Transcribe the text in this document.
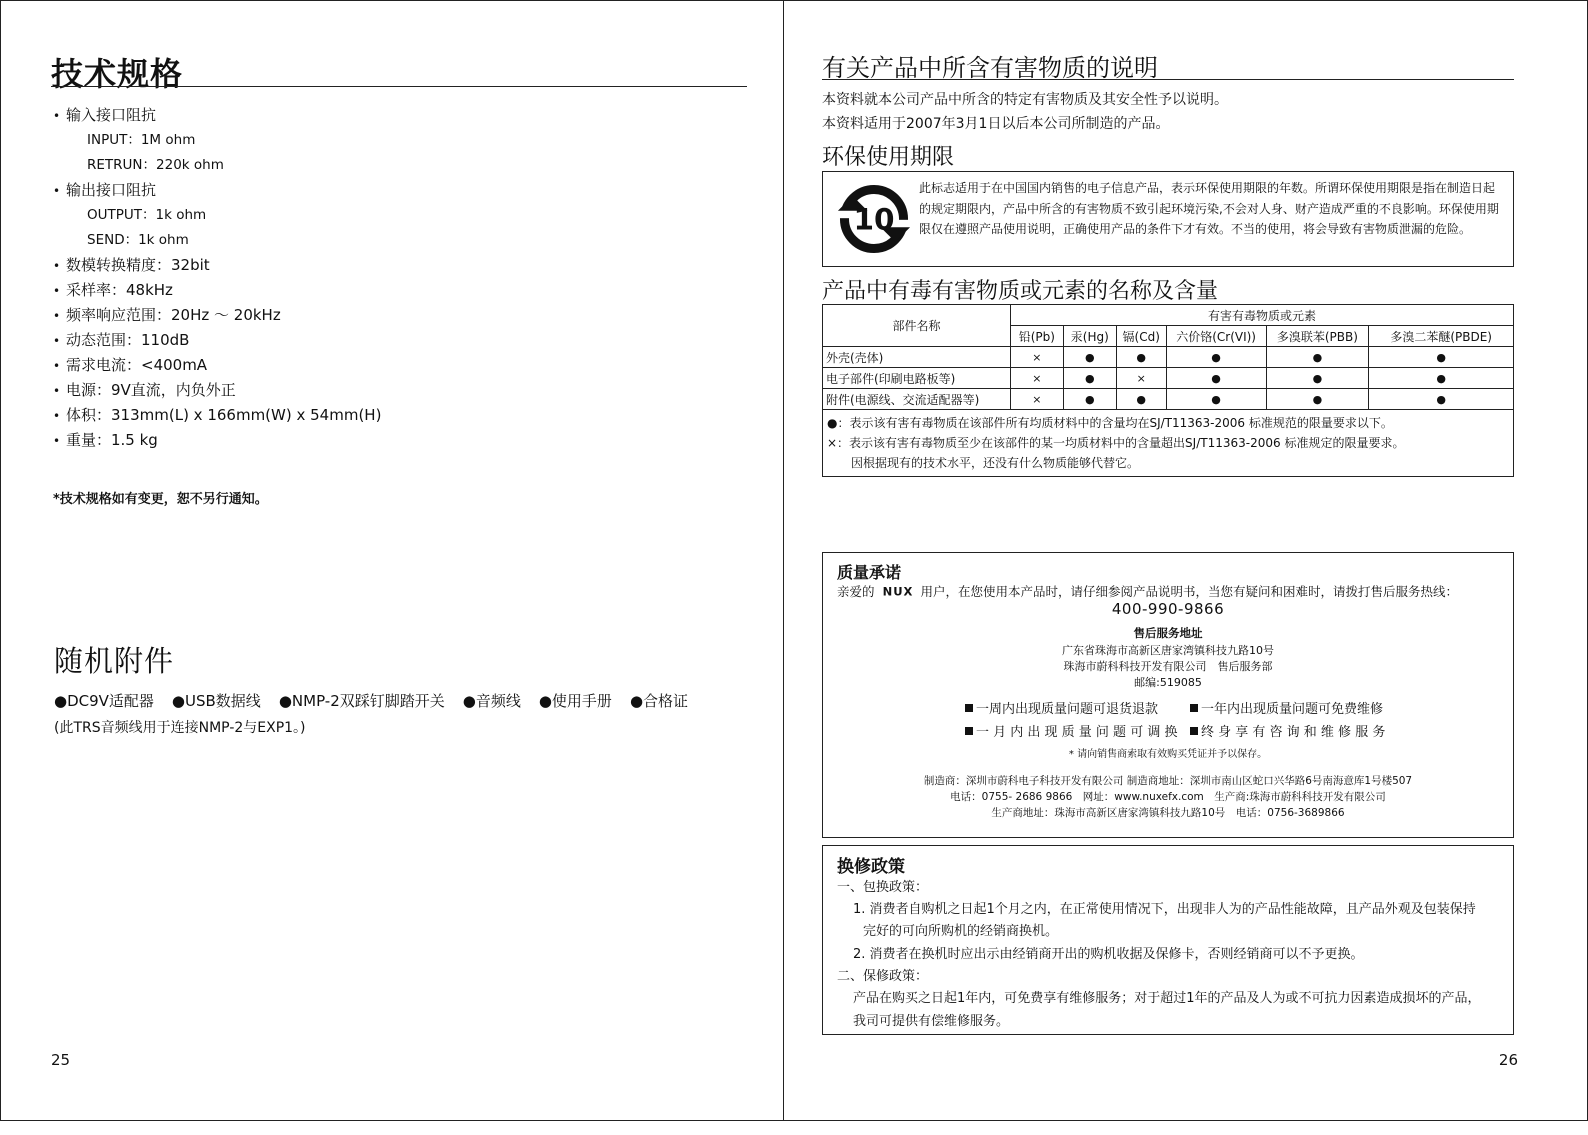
技术规格
• 输入接口阻抗
INPUT：1M ohm
RETRUN：220k ohm
• 输出接口阻抗
OUTPUT：1k ohm
SEND：1k ohm
• 数模转换精度：32bit
• 采样率：48kHz
• 频率响应范围：20Hz ～ 20kHz
• 动态范围：110dB
• 需求电流：<400mA
• 电源：9V直流，内负外正
• 体积：313mm(L) x 166mm(W) x 54mm(H)
• 重量：1.5 kg
*技术规格如有变更，恕不另行通知。
随机附件
●DC9V适配器 ●USB数据线 ●NMP-2双踩钉脚踏开关 ●音频线 ●使用手册 ●合格证
(此TRS音频线用于连接NMP-2与EXP1。)
25
有关产品中所含有害物质的说明
本资料就本公司产品中所含的特定有害物质及其安全性予以说明。
本资料适用于2007年3月1日以后本公司所制造的产品。
环保使用期限
10
此标志适用于在中国国内销售的电子信息产品，表示环保使用期限的年数。所谓环保使用期限是指在制造日起的规定期限内，产品中所含的有害物质不致引起环境污染,不会对人身、财产造成严重的不良影响。环保使用期限仅在遵照产品使用说明，正确使用产品的条件下才有效。不当的使用，将会导致有害物质泄漏的危险。
产品中有毒有害物质或元素的名称及含量
部件名称	有害有毒物质或元素					
	铅(Pb)	汞(Hg)	镉(Cd)	六价铬(Cr(VI))	多溴联苯(PBB)	多溴二苯醚(PBDE)
外壳(壳体)	×	●	●	●	●	●
电子部件(印刷电路板等)	×	●	×	●	●	●
附件(电源线、交流适配器等)	×	●	●	●	●	●

●：表示该有害有毒物质在该部件所有均质材料中的含量均在SJ/T11363-2006 标准规范的限量要求以下。
×：表示该有害有毒物质至少在该部件的某一均质材料中的含量超出SJ/T11363-2006 标准规定的限量要求。
　　因根据现有的技术水平，还没有什么物质能够代替它。						
质量承诺
亲爱的 NUX 用户，在您使用本产品时，请仔细参阅产品说明书，当您有疑问和困难时，请拨打售后服务热线：
400-990-9866
售后服务地址
广东省珠海市高新区唐家湾镇科技九路10号
珠海市蔚科科技开发有限公司　售后服务部
邮编:519085
一周内出现质量问题可退货退款	一年内出现质量问题可免费维修
一 月 内 出 现 质 量 问 题 可 调 换	终 身 享 有 咨 询 和 维 修 服 务
* 请向销售商索取有效购买凭证并予以保存。
制造商：深圳市蔚科电子科技开发有限公司 制造商地址：深圳市南山区蛇口兴华路6号南海意库1号楼507
电话：0755- 2686 9866　网址：www.nuxefx.com　生产商:珠海市蔚科科技开发有限公司
生产商地址：珠海市高新区唐家湾镇科技九路10号　电话：0756-3689866
换修政策
一、包换政策：
1. 消费者自购机之日起1个月之内，在正常使用情况下，出现非人为的产品性能故障，且产品外观及包装保持
完好的可向所购机的经销商换机。
2. 消费者在换机时应出示由经销商开出的购机收据及保修卡，否则经销商可以不予更换。
二、保修政策：
产品在购买之日起1年内，可免费享有维修服务；对于超过1年的产品及人为或不可抗力因素造成损坏的产品，
我司可提供有偿维修服务。
26
